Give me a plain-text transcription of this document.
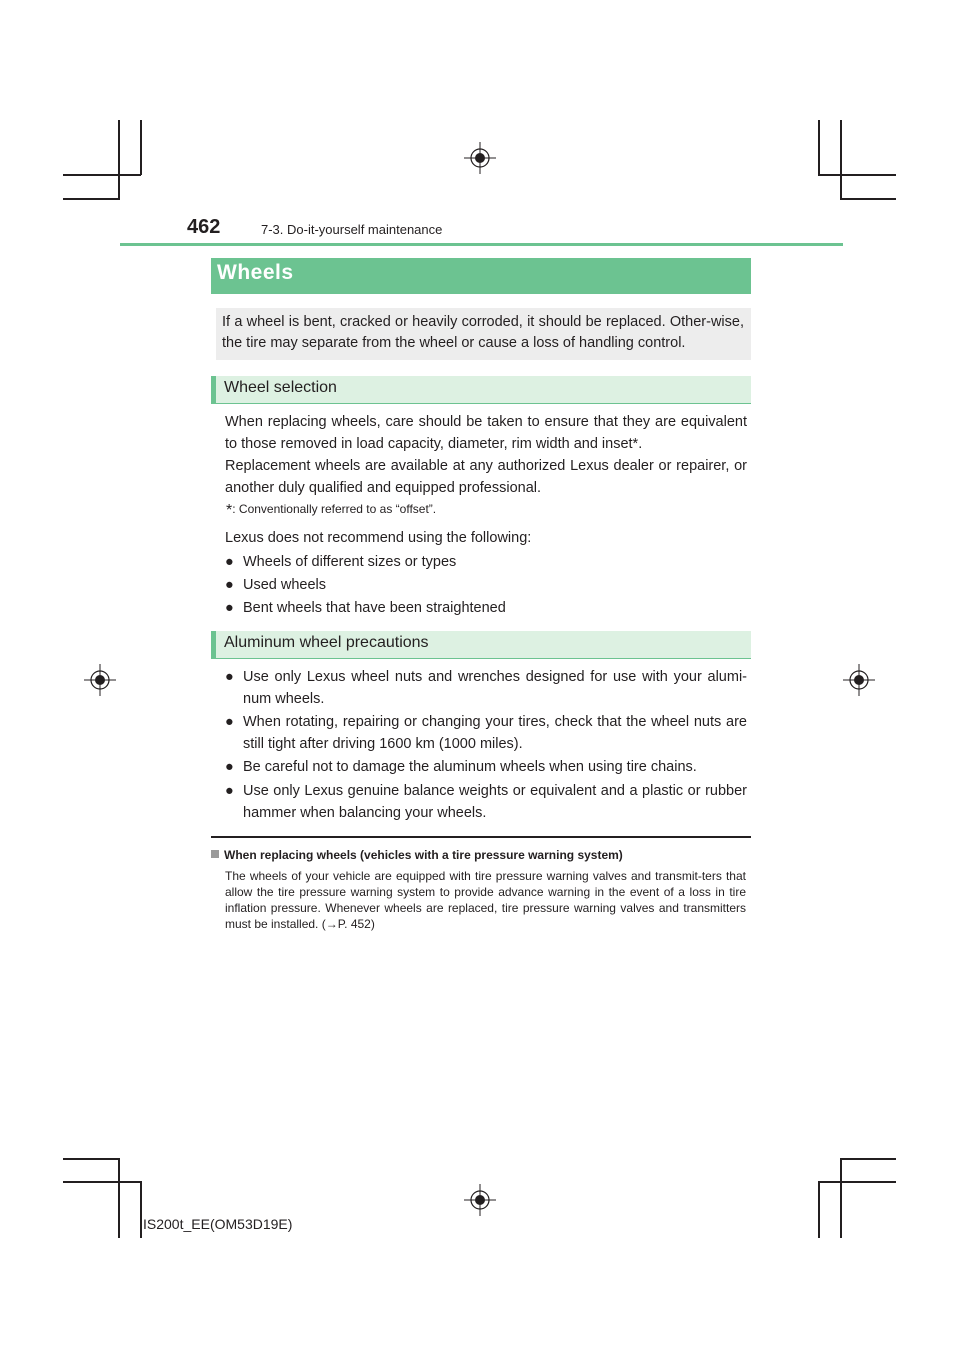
462	7-3. Do-it-yourself maintenance
Wheels

If a wheel is bent, cracked or heavily corroded, it should be replaced. Other-wise, the tire may separate from the wheel or cause a loss of handling control.

Wheel selection

When replacing wheels, care should be taken to ensure that they are equivalent to those removed in load capacity, diameter, rim width and inset*.

Replacement wheels are available at any authorized Lexus dealer or repairer, or another duly qualified and equipped professional.

*: Conventionally referred to as “offset”.

Lexus does not recommend using the following:

● Wheels of different sizes or types
● Used wheels
● Bent wheels that have been straightened
Aluminum wheel precautions
● Use only Lexus wheel nuts and wrenches designed for use with your alumi-num wheels.
● When rotating, repairing or changing your tires, check that the wheel nuts are still tight after driving 1600 km (1000 miles).
● Be careful not to damage the aluminum wheels when using tire chains.
● Use only Lexus genuine balance weights or equivalent and a plastic or rubber hammer when balancing your wheels.
When replacing wheels (vehicles with a tire pressure warning system)

The wheels of your vehicle are equipped with tire pressure warning valves and transmit-ters that allow the tire pressure warning system to provide advance warning in the event of a loss in tire inflation pressure. Whenever wheels are replaced, tire pressure warning valves and transmitters must be installed. (→P. 452)

IS200t_EE(OM53D19E)
